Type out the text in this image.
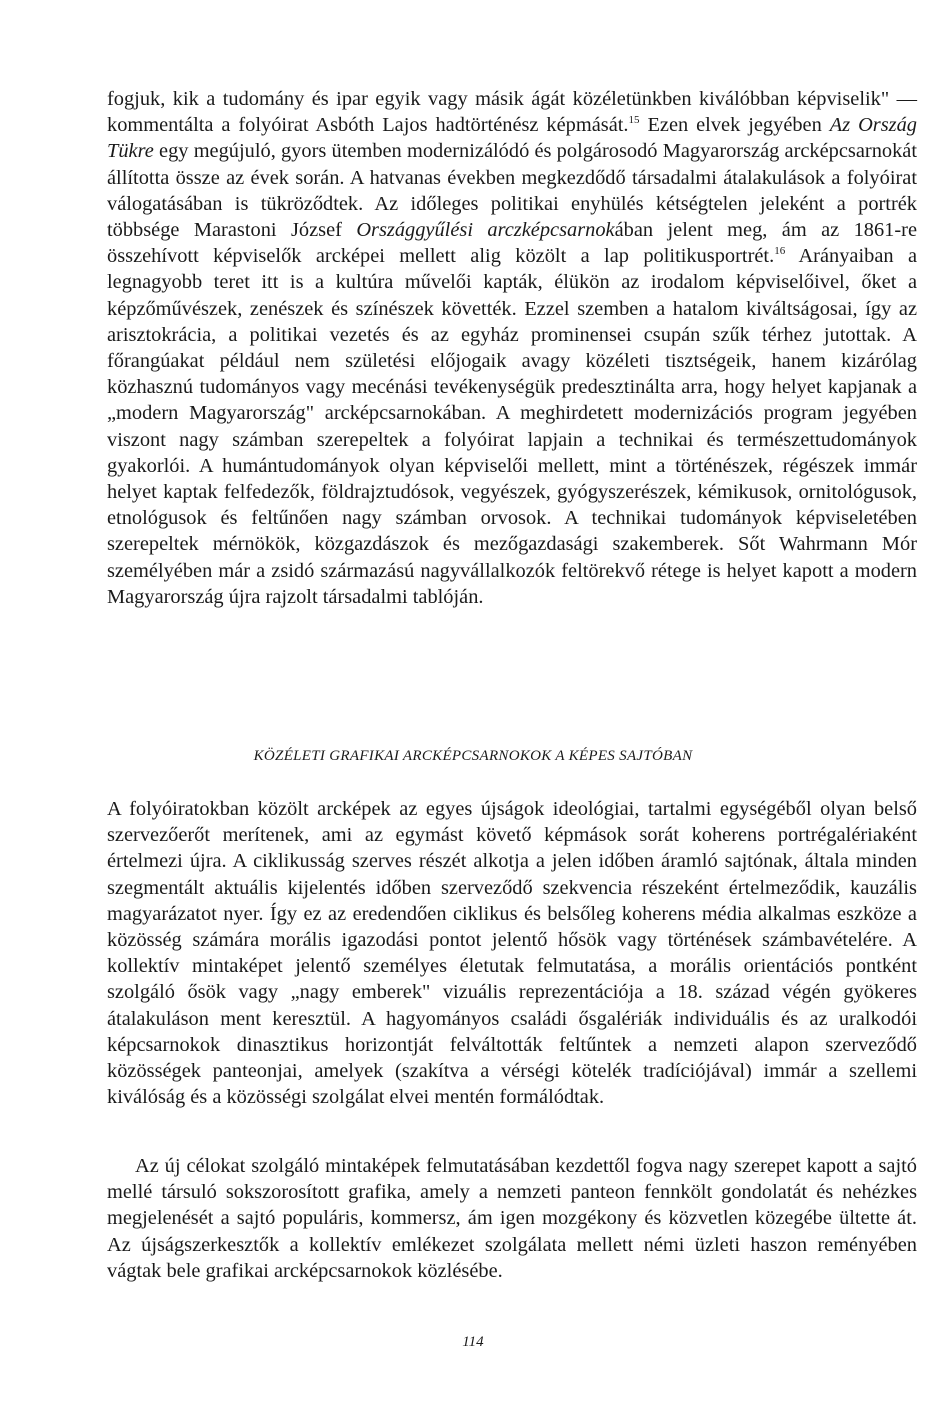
fogjuk, kik a tudomány és ipar egyik vagy másik ágát közéletünkben kiválóbban képviselik" — kommentálta a folyóirat Asbóth Lajos hadtörténész képmását.$^{15}$ Ezen elvek jegyében Az Ország Tükre egy megújuló, gyors ütemben modernizálódó és polgárosodó Magyarország arcképcsarnokát állította össze az évek során. A hatvanas években megkezdődő társadalmi átalakulások a folyóirat válogatásában is tükröződtek. Az időleges politikai enyhülés kétségtelen jeleként a portrék többsége Marastoni József Országgyűlési arczképcsarnokában jelent meg, ám az 1861-re összehívott képviselők arcképei mellett alig közölt a lap politikusportrét.$^{16}$ Arányaiban a legnagyobb teret itt is a kultúra művelői kapták, élükön az irodalom képviselőivel, őket a képzőművészek, zenészek és színészek követték. Ezzel szemben a hatalom kiváltságosai, így az arisztokrácia, a politikai vezetés és az egyház prominensei csupán szűk térhez jutottak. A főrangúakat például nem születési előjogaik avagy közéleti tisztségeik, hanem kizárólag közhasznú tudományos vagy mecénási tevékenységük predesztinálta arra, hogy helyet kapjanak a „modern Magyarország" arcképcsarnokában. A meghirdetett modernizációs program jegyében viszont nagy számban szerepeltek a folyóirat lapjain a technikai és természettudományok gyakorlói. A humántudományok olyan képviselői mellett, mint a történészek, régészek immár helyet kaptak felfedezők, földrajztudósok, vegyészek, gyógyszerészek, kémikusok, ornitológusok, etnológusok és feltűnően nagy számban orvosok. A technikai tudományok képviseletében szerepeltek mérnökök, közgazdászok és mezőgazdasági szakemberek. Sőt Wahrmann Mór személyében már a zsidó származású nagyvállalkozók feltörekvő rétege is helyet kapott a modern Magyarország újra rajzolt társadalmi tablóján.

KÖZÉLETI GRAFIKAI ARCKÉPCSARNOKOK A KÉPES SAJTÓBAN

A folyóiratokban közölt arcképek az egyes újságok ideológiai, tartalmi egységéből olyan belső szervezőerőt merítenek, ami az egymást követő képmások sorát koherens portrégalériaként értelmezi újra. A ciklikusság szerves részét alkotja a jelen időben áramló sajtónak, általa minden szegmentált aktuális kijelentés időben szerveződő szekvencia részeként értelmeződik, kauzális magyarázatot nyer. Így ez az eredendően ciklikus és belsőleg koherens média alkalmas eszköze a közösség számára morális igazodási pontot jelentő hősök vagy történések számbavételére. A kollektív mintaképet jelentő személyes életutak felmutatása, a morális orientációs pontként szolgáló ősök vagy „nagy emberek" vizuális reprezentációja a 18. század végén gyökeres átalakuláson ment keresztül. A hagyományos családi ősgalériák individuális és az uralkodói képcsarnokok dinasztikus horizontját felváltották feltűntek a nemzeti alapon szerveződő közösségek panteonjai, amelyek (szakítva a vérségi kötelék tradíciójával) immár a szellemi kiválóság és a közösségi szolgálat elvei mentén formálódtak.

Az új célokat szolgáló mintaképek felmutatásában kezdettől fogva nagy szerepet kapott a sajtó mellé társuló sokszorosított grafika, amely a nemzeti panteon fennkölt gondolatát és nehézkes megjelenését a sajtó populáris, kommersz, ám igen mozgékony és közvetlen közegébe ültette át. Az újságszerkesztők a kollektív emlékezet szolgálata mellett némi üzleti haszon reményében vágtak bele grafikai arcképcsarnokok közlésébe.

114
